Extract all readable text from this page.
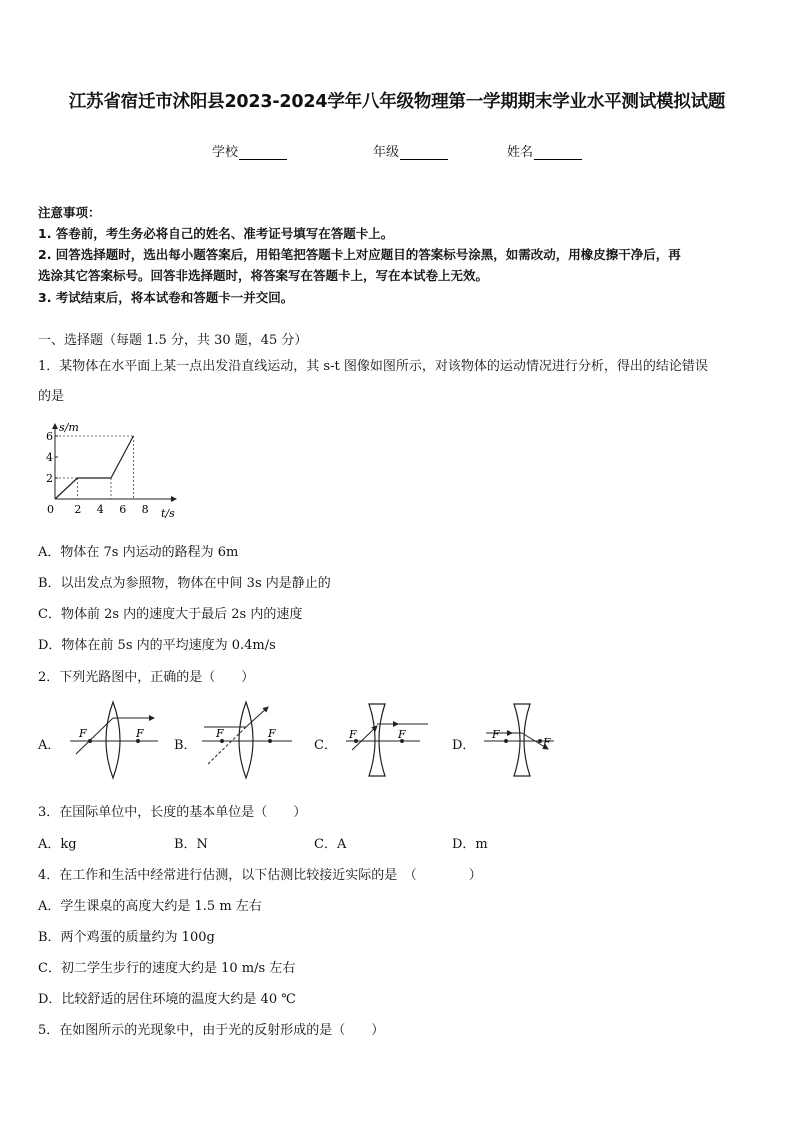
江苏省宿迁市沭阳县2023-2024学年八年级物理第一学期期末学业水平测试模拟试题
学校	年级	姓名
注意事项：
1. 答卷前，考生务必将自己的姓名、准考证号填写在答题卡上。
2. 回答选择题时，选出每小题答案后，用铅笔把答题卡上对应题目的答案标号涂黑，如需改动，用橡皮擦干净后，再
选涂其它答案标号。回答非选择题时，将答案写在答题卡上，写在本试卷上无效。
3. 考试结束后，将本试卷和答题卡一并交回。
一、选择题（每题 1.5 分，共 30 题，45 分）
1．某物体在水平面上某一点出发沿直线运动，其 s-t 图像如图所示，对该物体的运动情况进行分析，得出的结论错误
的是
0 2 4 6 8
2
4
6
s/m
t/s
A．物体在 7s 内运动的路程为 6m
B．以出发点为参照物，物体在中间 3s 内是静止的
C．物体前 2s 内的速度大于最后 2s 内的速度
D．物体在前 5s 内的平均速度为 0.4m/s
2．下列光路图中，正确的是（　　）
A．
F	F
B．
F	F
C．
F	F
D．
F
F
3．在国际单位中，长度的基本单位是（　　）
A．kg	B．N	C．A	D．m
4．在工作和生活中经常进行估测，以下估测比较接近实际的是　（　　　　）
A．学生课桌的高度大约是 1.5 m 左右
B．两个鸡蛋的质量约为 100g
C．初二学生步行的速度大约是 10 m/s 左右
D．比较舒适的居住环境的温度大约是 40 ℃
5．在如图所示的光现象中，由于光的反射形成的是（　　）
